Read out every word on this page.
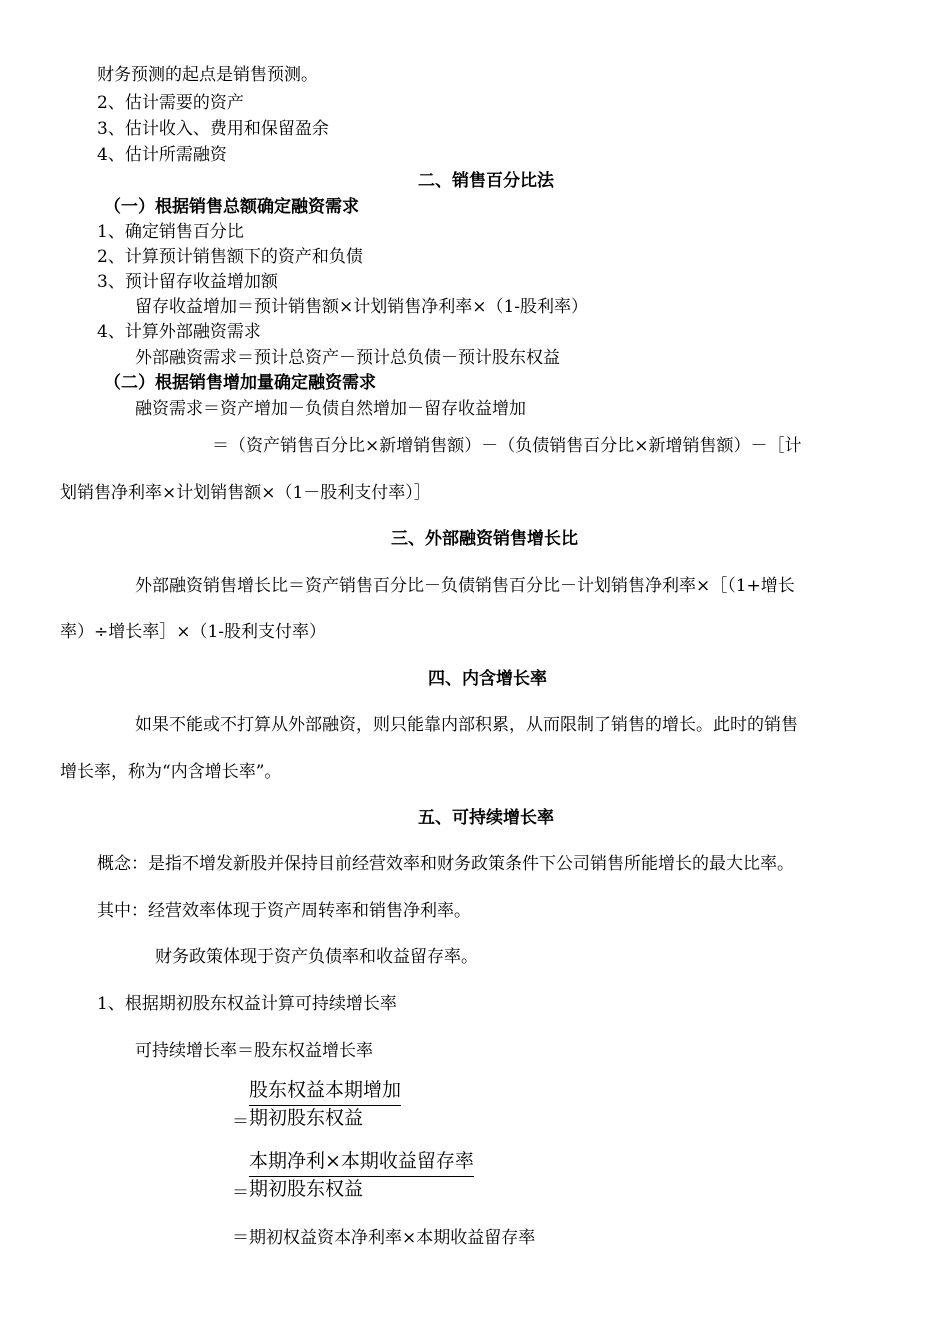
财务预测的起点是销售预测。
2、估计需要的资产
3、估计收入、费用和保留盈余
4、估计所需融资
二、销售百分比法
（一）根据销售总额确定融资需求
1、确定销售百分比
2、计算预计销售额下的资产和负债
3、预计留存收益增加额
留存收益增加＝预计销售额×计划销售净利率×（1-股利率）
4、计算外部融资需求
外部融资需求＝预计总资产－预计总负债－预计股东权益
（二）根据销售增加量确定融资需求
融资需求＝资产增加－负债自然增加－留存收益增加
＝（资产销售百分比×新增销售额）－（负债销售百分比×新增销售额）－［计
划销售净利率×计划销售额×（1－股利支付率）］
三、外部融资销售增长比
外部融资销售增长比＝资产销售百分比－负债销售百分比－计划销售净利率×［（1+增长
率）÷增长率］×（1-股利支付率）
四、内含增长率
如果不能或不打算从外部融资，则只能靠内部积累，从而限制了销售的增长。此时的销售
增长率，称为“内含增长率”。
五、可持续增长率
概念：是指不增发新股并保持目前经营效率和财务政策条件下公司销售所能增长的最大比率。
其中：经营效率体现于资产周转率和销售净利率。
财务政策体现于资产负债率和收益留存率。
1、根据期初股东权益计算可持续增长率
可持续增长率＝股东权益增长率
＝
股东权益本期增加
期初股东权益
＝
本期净利×本期收益留存率
期初股东权益
＝期初权益资本净利率×本期收益留存率
